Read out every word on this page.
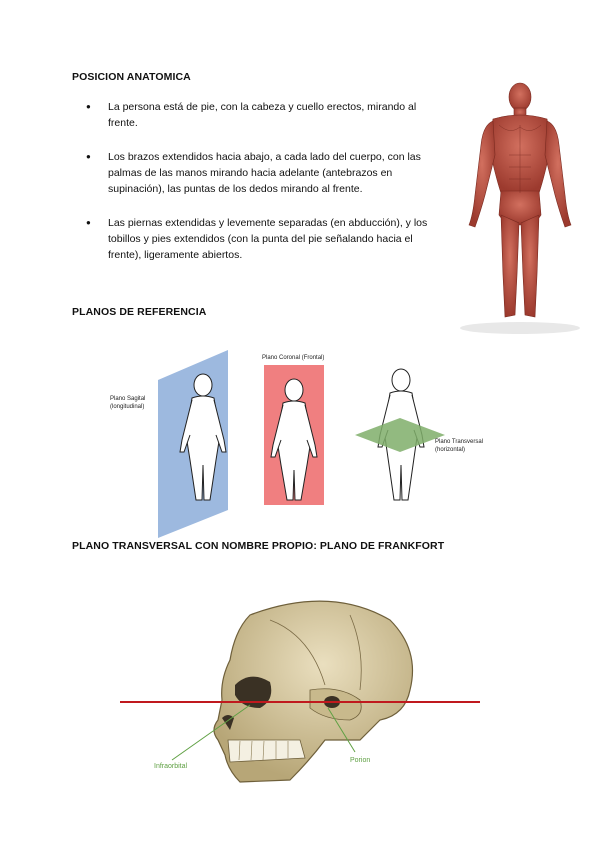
POSICION ANATOMICA
● La persona está de pie, con la cabeza y cuello erectos, mirando al frente.
● Los brazos extendidos hacia abajo, a cada lado del cuerpo, con las palmas de las manos mirando hacia adelante (antebrazos en supinación), las puntas de los dedos mirando al frente.
● Las piernas extendidas y levemente separadas (en abducción), y los tobillos y pies extendidos (con la punta del pie señalando hacia el frente), ligeramente abiertos.
PLANOS DE REFERENCIA
Plano Sagital
(longitudinal)
Plano Coronal (Frontal)
Plano Transversal
(horizontal)
PLANO TRANSVERSAL CON NOMBRE PROPIO: PLANO DE FRANKFORT
Infraorbital
Porion
